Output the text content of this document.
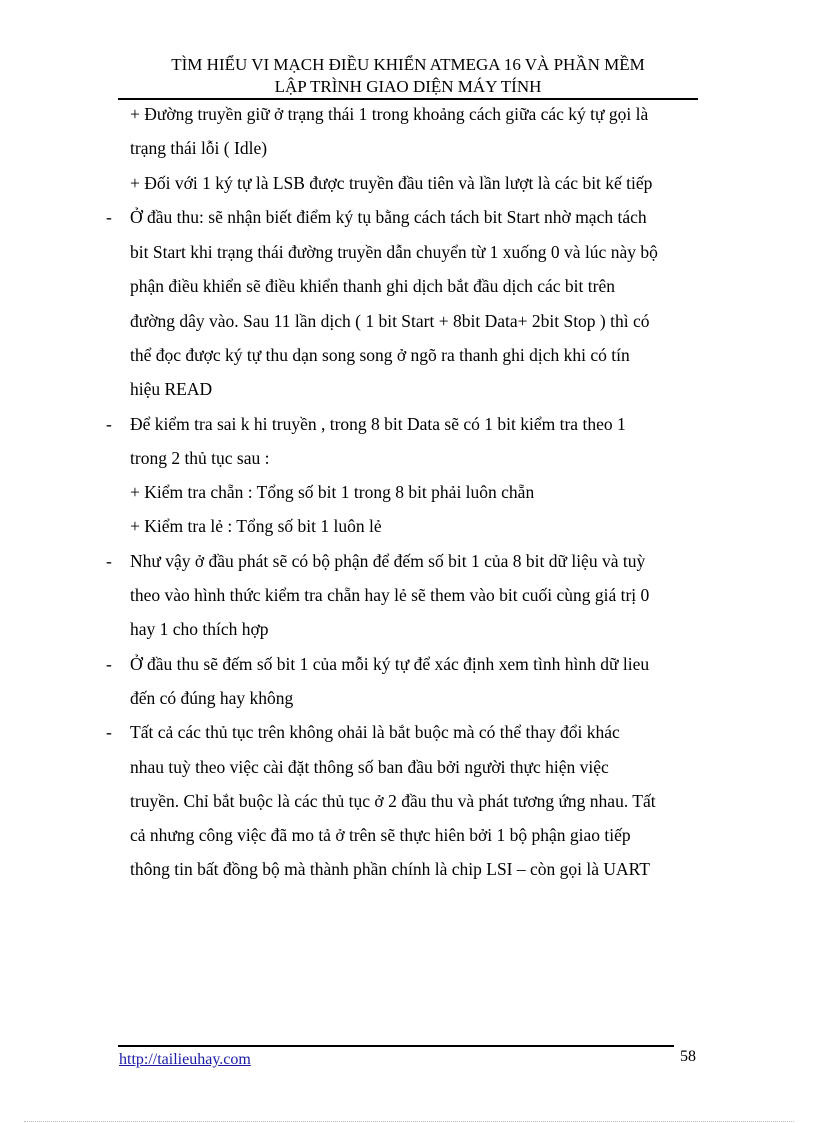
TÌM HIỂU VI MẠCH ĐIỀU KHIỂN ATMEGA 16 VÀ PHẦN MỀM
LẬP TRÌNH GIAO DIỆN MÁY TÍNH
+ Đường truyền giữ ở trạng thái 1 trong khoảng cách giữa các ký tự gọi là
trạng thái lỗi ( Idle)
+ Đối với 1 ký tự là LSB được truyền đầu tiên và lần lượt là các bit kế tiếp
- Ở đầu thu: sẽ nhận biết điểm ký tụ bằng cách tách bit Start nhờ mạch tách
bit Start khi trạng thái đường truyền dẫn chuyển từ 1 xuống 0 và lúc này bộ
phận điều khiển sẽ điều khiển thanh ghi dịch bắt đầu dịch các bit trên
đường dây vào. Sau 11 lần dịch ( 1 bit Start + 8bit Data+ 2bit Stop ) thì có
thể đọc được ký tự thu dạn song song ở ngõ ra thanh ghi dịch khi có tín
hiệu READ
- Để kiểm tra sai k hi truyền , trong 8 bit Data sẽ có 1 bit kiểm tra theo 1
trong 2 thủ tục sau :
+ Kiểm tra chẵn : Tổng số bit 1 trong 8 bit phải luôn chẵn
+ Kiểm tra lẻ : Tổng số bit 1 luôn lẻ
- Như vậy ở đầu phát sẽ có bộ phận để đếm số bit 1 của 8 bit dữ liệu và tuỳ
theo vào hình thức kiểm tra chẵn hay lẻ sẽ them vào bit cuối cùng giá trị 0
hay 1 cho thích hợp
- Ở đầu thu sẽ đếm số bit 1 của mỗi ký tự để xác định xem tình hình dữ lieu
đến có đúng hay không
- Tất cả các thủ tục trên không ohải là bắt buộc mà có thể thay đổi khác
nhau tuỳ theo việc cài đặt thông số ban đầu bởi người thực hiện việc
truyền. Chỉ bắt buộc là các thủ tục ở 2 đầu thu và phát tương ứng nhau. Tất
cả nhưng công việc đã mo tả ở trên sẽ thực hiên bởi 1 bộ phận giao tiếp
thông tin bất đồng bộ mà thành phần chính là chip LSI – còn gọi là UART
http://tailieuhay.com	58
